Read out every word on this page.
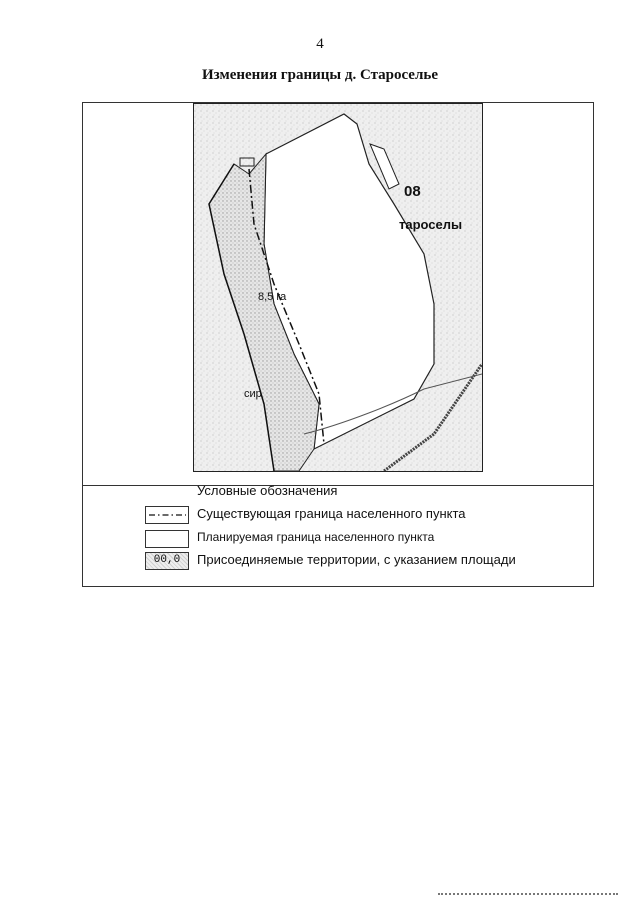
4
Изменения границы д. Староселье
8,5 га
08
тароселы
сир
Условные обозначения
Существующая граница населенного пункта
Планируемая граница населенного пункта
00,0	Присоединяемые территории, с указанием площади
